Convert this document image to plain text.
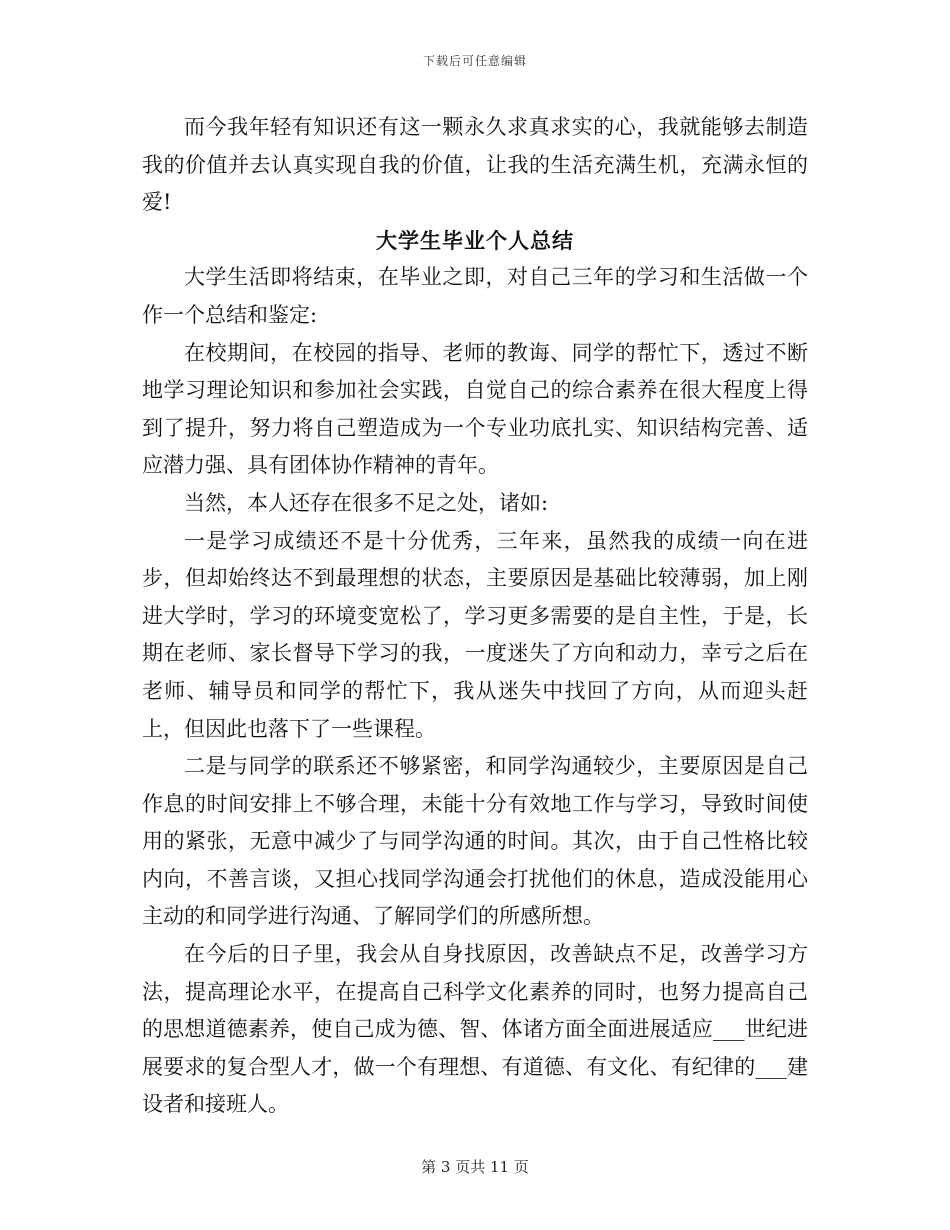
下载后可任意编辑

而今我年轻有知识还有这一颗永久求真求实的心，我就能够去制造我的价值并去认真实现自我的价值，让我的生活充满生机，充满永恒的爱!

大学生毕业个人总结

大学生活即将结束，在毕业之即，对自己三年的学习和生活做一个作一个总结和鉴定:

在校期间，在校园的指导、老师的教诲、同学的帮忙下，透过不断地学习理论知识和参加社会实践，自觉自己的综合素养在很大程度上得到了提升，努力将自己塑造成为一个专业功底扎实、知识结构完善、适应潜力强、具有团体协作精神的青年。

当然，本人还存在很多不足之处，诸如:

一是学习成绩还不是十分优秀，三年来，虽然我的成绩一向在进步，但却始终达不到最理想的状态，主要原因是基础比较薄弱，加上刚进大学时，学习的环境变宽松了，学习更多需要的是自主性，于是，长期在老师、家长督导下学习的我，一度迷失了方向和动力，幸亏之后在老师、辅导员和同学的帮忙下，我从迷失中找回了方向，从而迎头赶上，但因此也落下了一些课程。

二是与同学的联系还不够紧密，和同学沟通较少，主要原因是自己作息的时间安排上不够合理，未能十分有效地工作与学习，导致时间使用的紧张，无意中减少了与同学沟通的时间。其次，由于自己性格比较内向，不善言谈，又担心找同学沟通会打扰他们的休息，造成没能用心主动的和同学进行沟通、了解同学们的所感所想。

在今后的日子里，我会从自身找原因，改善缺点不足，改善学习方法，提高理论水平，在提高自己科学文化素养的同时，也努力提高自己的思想道德素养，使自己成为德、智、体诸方面全面进展适应___世纪进展要求的复合型人才，做一个有理想、有道德、有文化、有纪律的___建设者和接班人。

第 3 页共 11 页
